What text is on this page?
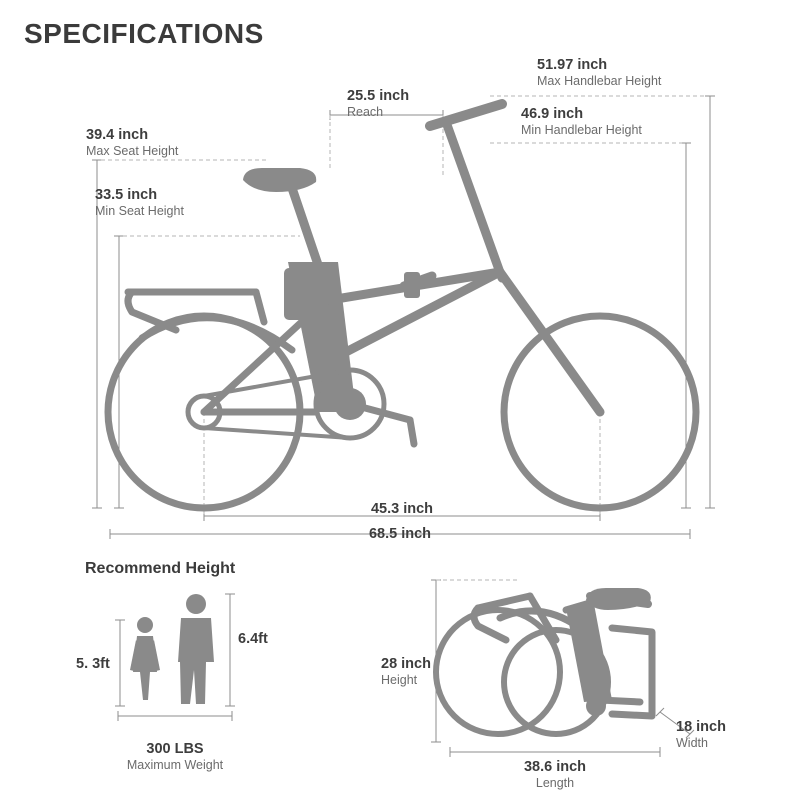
SPECIFICATIONS
51.97 inch
Max Handlebar Height
46.9 inch
Min Handlebar Height
25.5 inch
Reach
39.4 inch
Max Seat Height
33.5 inch
Min Seat Height
45.3 inch
68.5 inch
Recommend Height
5. 3ft
6.4ft
300 LBS
Maximum Weight
28 inch
Height
18 inch
Width
38.6 inch
Length
